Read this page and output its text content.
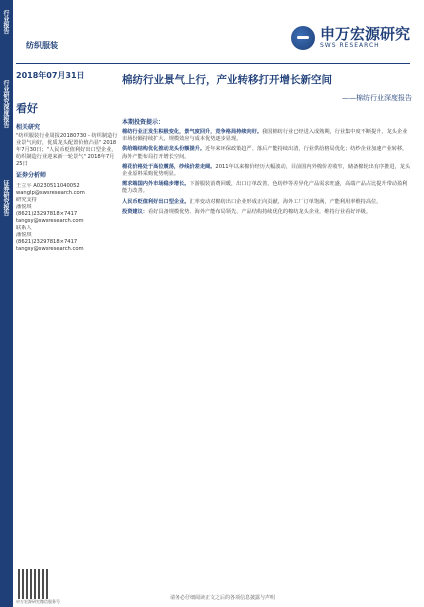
行业报告
行业研究深度报告
证券研究报告
纺织服装
申万宏源研究
SWS RESEARCH
2018年07月31日
看好
相关研究
"纺织服装行业周报20180730 - 纺织制造行业景气向好，优质龙头配置价值凸显" 2018年7月30日；"人民币贬值利好出口型企业，纺织制造行业迎来新一轮景气" 2018年7月25日
证券分析师
王立平 A0230511040052
wanglp@swsresearch.com
研究支持
潘悦琪
(8621)23297818×7417
tangsy@swsresearch.com
联系人
潘悦琪
(8621)23297818×7417
tangsy@swsresearch.com
棉纺行业景气上行，产业转移打开增长新空间
——棉纺行业深度报告
本期投资提示：

棉纺行业正发生积极变化，景气度回升，竞争格局持续向好。我国棉纺行业已经进入成熟期，行业集中度不断提升，龙头企业市场份额持续扩大，规模效应与成本优势逐步显现。

供给端结构优化推动龙头份额提升。近年来环保政策趋严、落后产能持续出清，行业供给格局优化；纺纱企业加速产业转移，海外产能布局打开增长空间。

棉花价格处于高位震荡，纱线价差走阔。2011年以来棉价经历大幅波动，目前国内外棉价差收窄，储备棉轮出有序推进，龙头企业原料采购优势明显。

需求端国内外市场稳步增长。下游服装消费回暖，出口订单改善，色纺纱等差异化产品需求旺盛，高端产品占比提升带动盈利能力改善。

人民币贬值利好出口型企业。汇率变动对棉纺出口企业形成正向贡献，海外工厂订单饱满，产能利用率维持高位。

投资建议：看好具备规模优势、海外产能布局领先、产品结构持续优化的棉纺龙头企业，维持行业看好评级。

申万宏源研究微信服务号
请务必仔细阅读正文之后的各项信息披露与声明
